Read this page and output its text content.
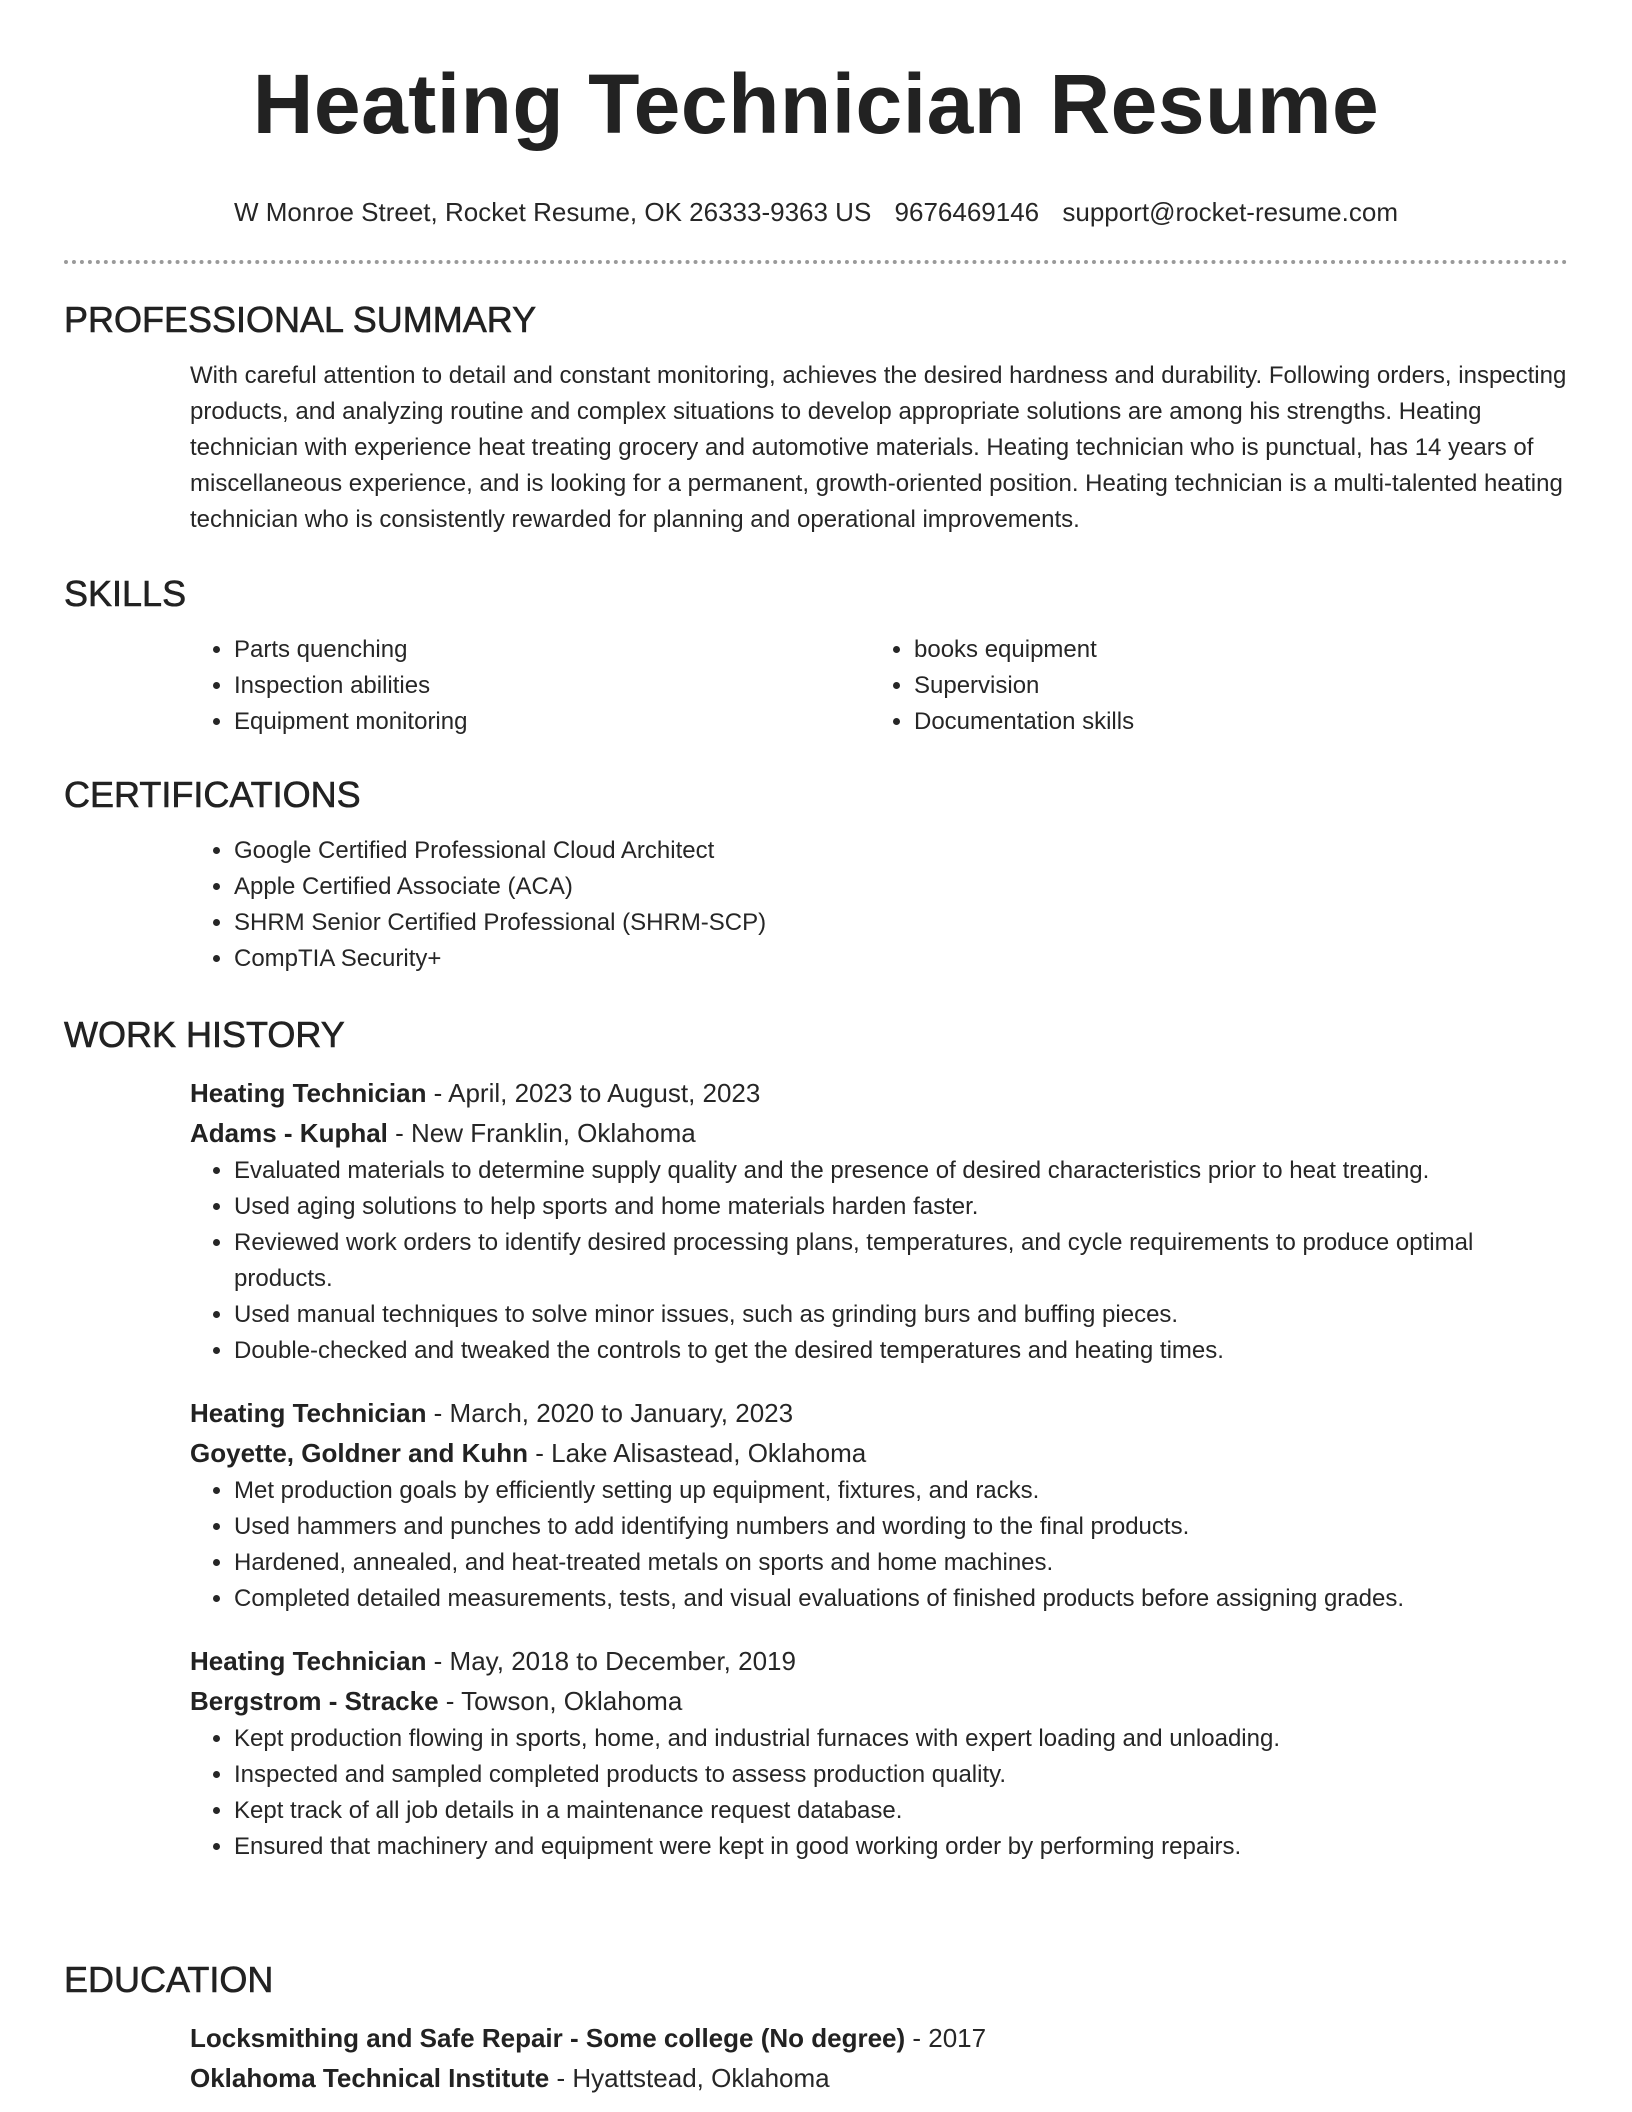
Heating Technician Resume
W Monroe Street, Rocket Resume, OK 26333-9363 US 9676469146 support@rocket-resume.com
PROFESSIONAL SUMMARY

With careful attention to detail and constant monitoring, achieves the desired hardness and durability. Following orders, inspecting products, and analyzing routine and complex situations to develop appropriate solutions are among his strengths. Heating technician with experience heat treating grocery and automotive materials. Heating technician who is punctual, has 14 years of miscellaneous experience, and is looking for a permanent, growth-oriented position. Heating technician is a multi-talented heating technician who is consistently rewarded for planning and operational improvements.

SKILLS
• Parts quenching
• Inspection abilities
• Equipment monitoring
• books equipment
• Supervision
• Documentation skills
CERTIFICATIONS
• Google Certified Professional Cloud Architect
• Apple Certified Associate (ACA)
• SHRM Senior Certified Professional (SHRM-SCP)
• CompTIA Security+
WORK HISTORY
Heating Technician - April, 2023 to August, 2023
Adams - Kuphal - New Franklin, Oklahoma
• Evaluated materials to determine supply quality and the presence of desired characteristics prior to heat treating.
• Used aging solutions to help sports and home materials harden faster.
• Reviewed work orders to identify desired processing plans, temperatures, and cycle requirements to produce optimal products.
• Used manual techniques to solve minor issues, such as grinding burs and buffing pieces.
• Double-checked and tweaked the controls to get the desired temperatures and heating times.
Heating Technician - March, 2020 to January, 2023
Goyette, Goldner and Kuhn - Lake Alisastead, Oklahoma
• Met production goals by efficiently setting up equipment, fixtures, and racks.
• Used hammers and punches to add identifying numbers and wording to the final products.
• Hardened, annealed, and heat-treated metals on sports and home machines.
• Completed detailed measurements, tests, and visual evaluations of finished products before assigning grades.
Heating Technician - May, 2018 to December, 2019
Bergstrom - Stracke - Towson, Oklahoma
• Kept production flowing in sports, home, and industrial furnaces with expert loading and unloading.
• Inspected and sampled completed products to assess production quality.
• Kept track of all job details in a maintenance request database.
• Ensured that machinery and equipment were kept in good working order by performing repairs.
EDUCATION
Locksmithing and Safe Repair - Some college (No degree) - 2017
Oklahoma Technical Institute - Hyattstead, Oklahoma
